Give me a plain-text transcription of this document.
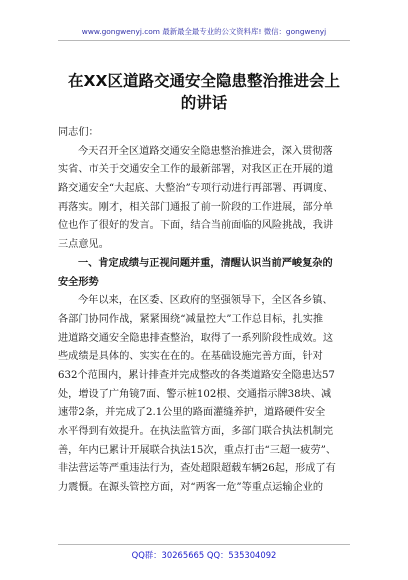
www.gongwenyj.com 最新最全最专业的公文资料库! 微信：gongwenyj
在XX区道路交通安全隐患整治推进会上
的讲话
同志们：
今天召开全区道路交通安全隐患整治推进会，深入贯彻落
实省、市关于交通安全工作的最新部署，对我区正在开展的道
路交通安全“大起底、大整治”专项行动进行再部署、再调度、
再落实。刚才，相关部门通报了前一阶段的工作进展，部分单
位也作了很好的发言。下面，结合当前面临的风险挑战，我讲
三点意见。
一、肯定成绩与正视问题并重，清醒认识当前严峻复杂的
安全形势
今年以来，在区委、区政府的坚强领导下，全区各乡镇、
各部门协同作战，紧紧围绕“减量控大”工作总目标，扎实推
进道路交通安全隐患排查整治，取得了一系列阶段性成效。这
些成绩是具体的、实实在在的。在基础设施完善方面，针对
632个范围内，累计排查并完成整改的各类道路安全隐患达57
处，增设了广角镜7面、警示桩102根、交通指示牌38块、减
速带2条，并完成了2.1公里的路面灌缝养护，道路硬件安全
水平得到有效提升。在执法监管方面，多部门联合执法机制完
善，年内已累计开展联合执法15次，重点打击“三超一疲劳”、
非法营运等严重违法行为，查处超限超载车辆26起，形成了有
力震慑。在源头管控方面，对“两客一危”等重点运输企业的
QQ群：30265665 QQ：535304092
